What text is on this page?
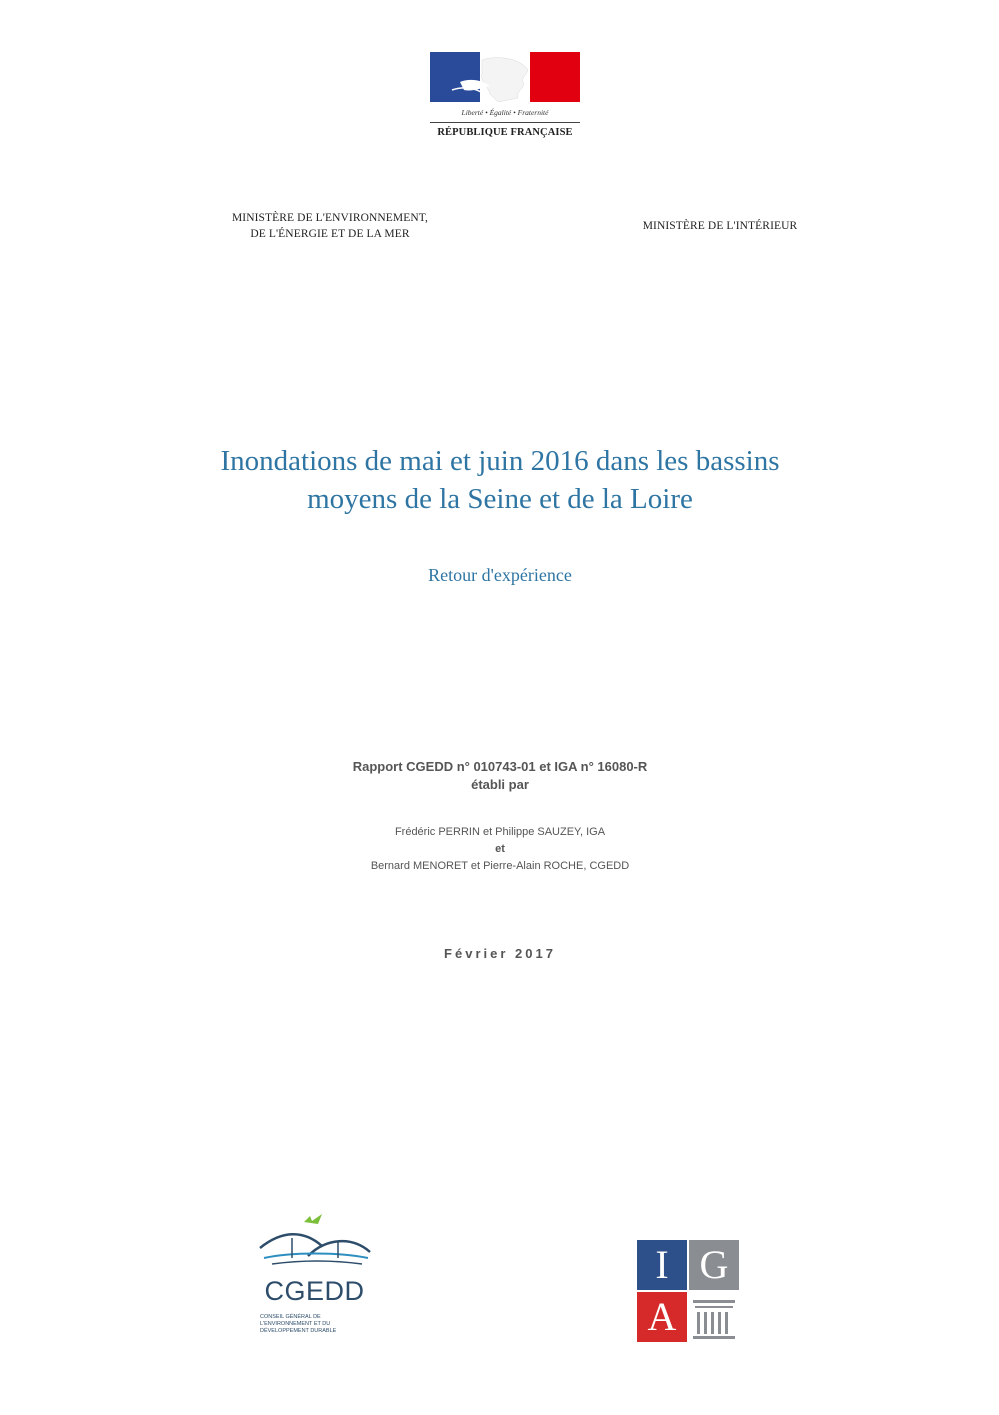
Liberté • Égalité • Fraternité
RÉPUBLIQUE FRANÇAISE
MINISTÈRE DE L'ENVIRONNEMENT,
DE L'ÉNERGIE ET DE LA MER
MINISTÈRE DE L'INTÉRIEUR
Inondations de mai et juin 2016 dans les bassins
moyens de la Seine et de la Loire
Retour d'expérience
Rapport CGEDD n° 010743-01 et IGA n° 16080-R
établi par
Frédéric PERRIN et Philippe SAUZEY, IGA
et
Bernard MENORET et Pierre-Alain ROCHE, CGEDD
Février 2017
CGEDD
CONSEIL GÉNÉRAL DE
L'ENVIRONNEMENT ET DU
DÉVELOPPEMENT DURABLE
I G
A
